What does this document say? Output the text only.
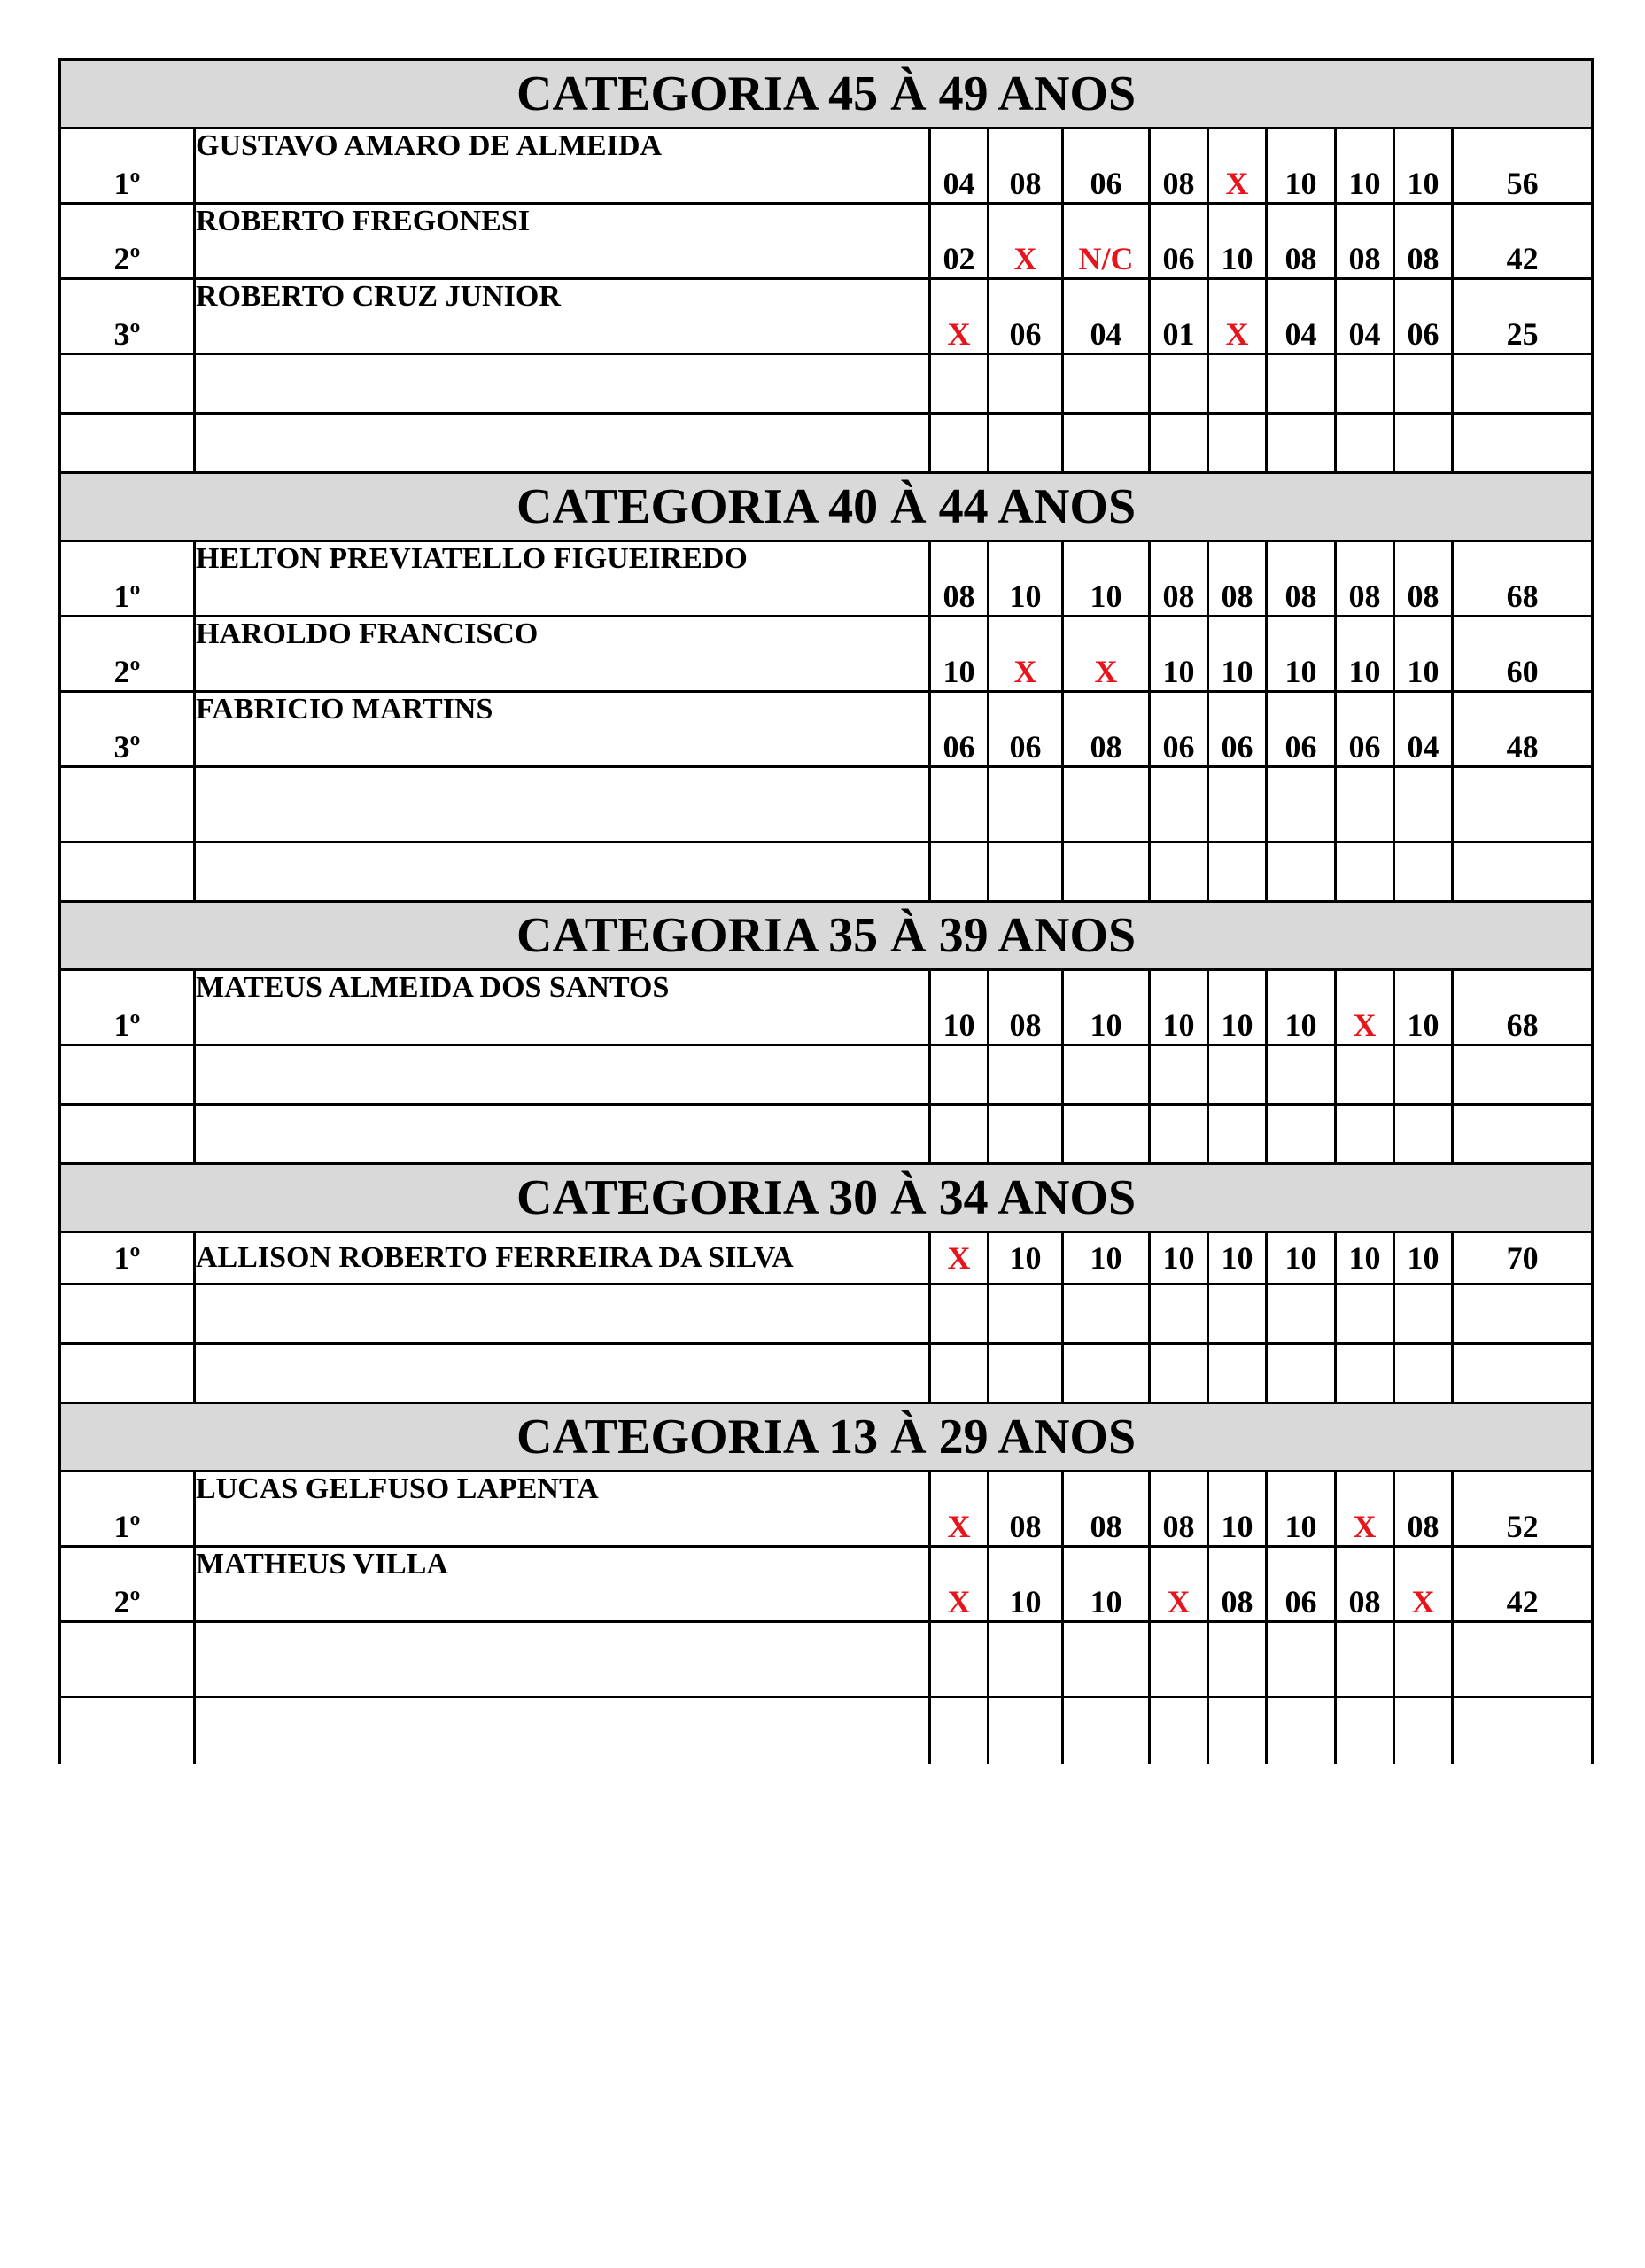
CATEGORIA 45 À 49 ANOS										
1º	GUSTAVO AMARO DE ALMEIDA	04	08	06	08	X	10	10	10	56
2º	ROBERTO FREGONESI	02	X	N/C	06	10	08	08	08	42
3º	ROBERTO CRUZ JUNIOR	X	06	04	01	X	04	04	06	25

CATEGORIA 40 À 44 ANOS										
1º	HELTON PREVIATELLO FIGUEIREDO	08	10	10	08	08	08	08	08	68
2º	HAROLDO FRANCISCO	10	X	X	10	10	10	10	10	60
3º	FABRICIO MARTINS	06	06	08	06	06	06	06	04	48

CATEGORIA 35 À 39 ANOS										
1º	MATEUS ALMEIDA DOS SANTOS	10	08	10	10	10	10	X	10	68

CATEGORIA 30 À 34 ANOS										
1º	ALLISON ROBERTO FERREIRA DA SILVA	X	10	10	10	10	10	10	10	70

CATEGORIA 13 À 29 ANOS										
1º	LUCAS GELFUSO LAPENTA	X	08	08	08	10	10	X	08	52
2º	MATHEUS VILLA	X	10	10	X	08	06	08	X	42
